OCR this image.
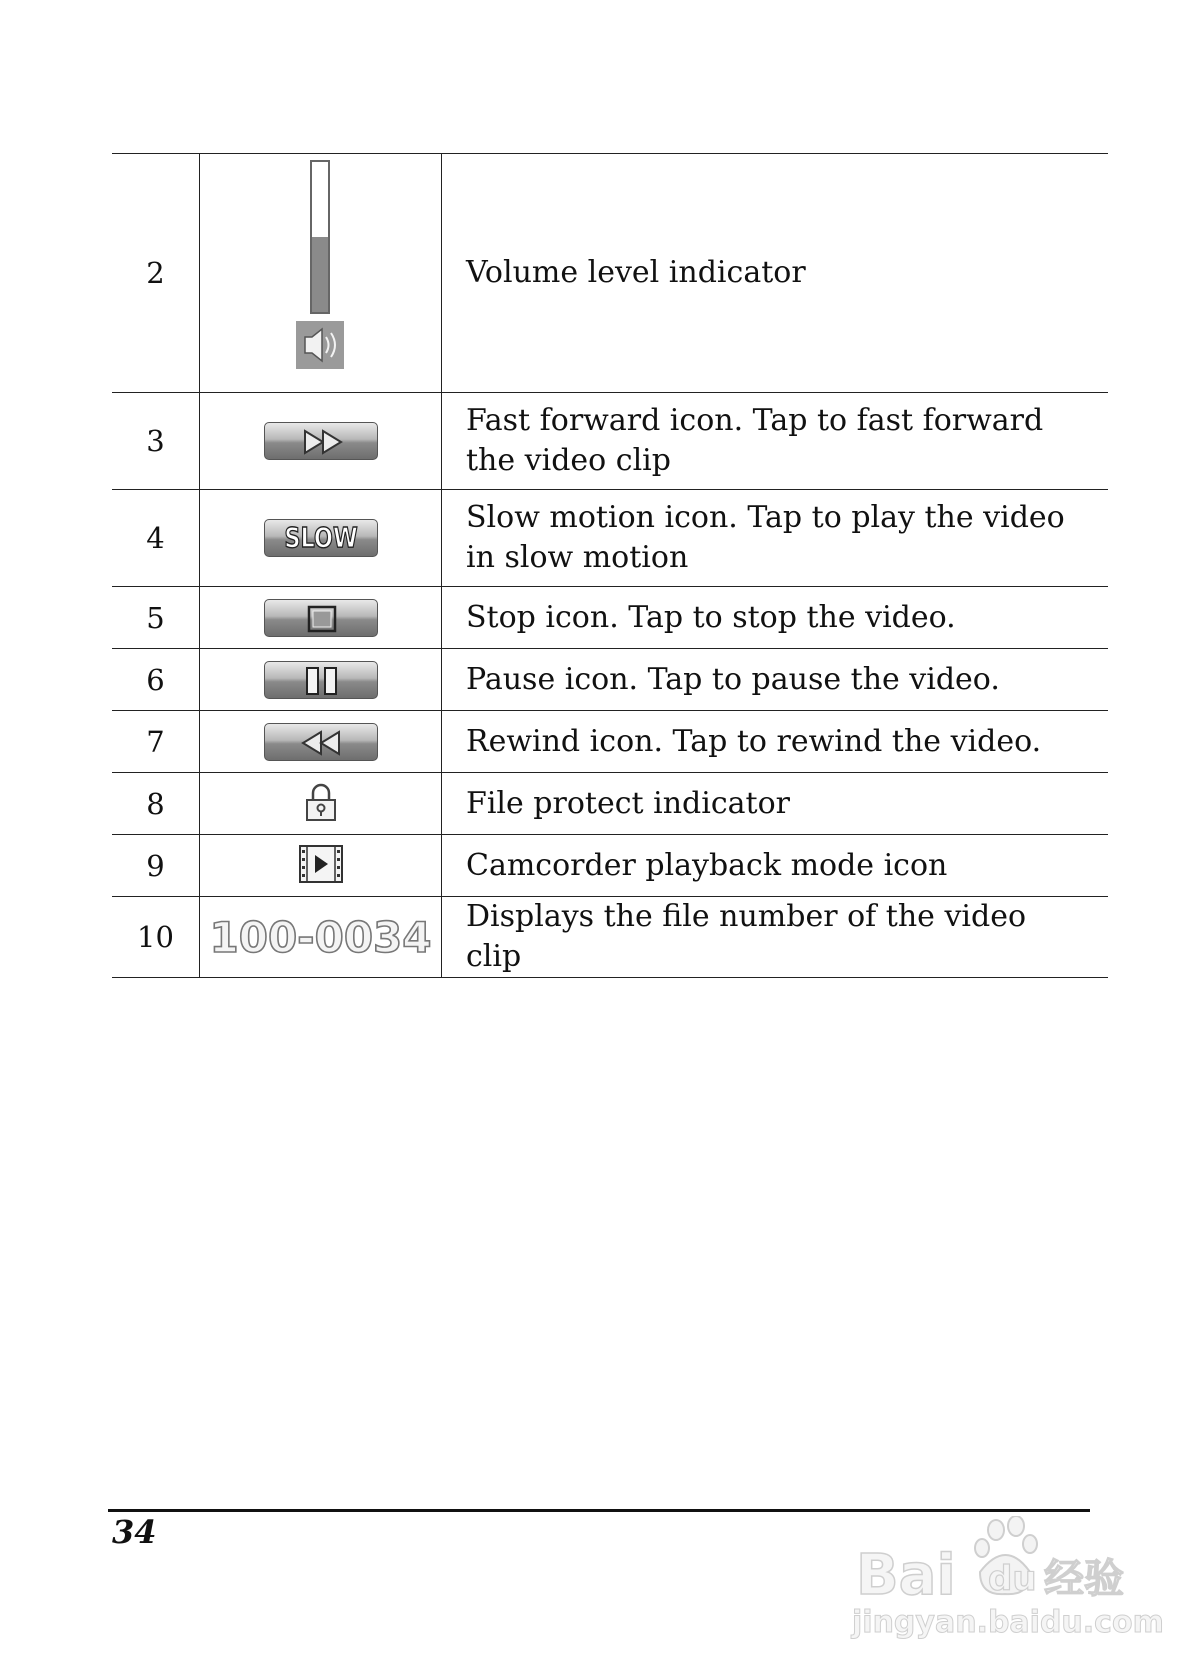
2		Volume level indicator
3		Fast forward icon. Tap to fast forward the video clip
4	SLOW	Slow motion icon. Tap to play the video in slow motion
5		Stop icon. Tap to stop the video.
6		Pause icon. Tap to pause the video.
7		Rewind icon. Tap to rewind the video.
8		File protect indicator
9		Camcorder playback mode icon
10	100-0034	Displays the file number of the video clip
34
Bai du 经验
jingyan.baidu.com
